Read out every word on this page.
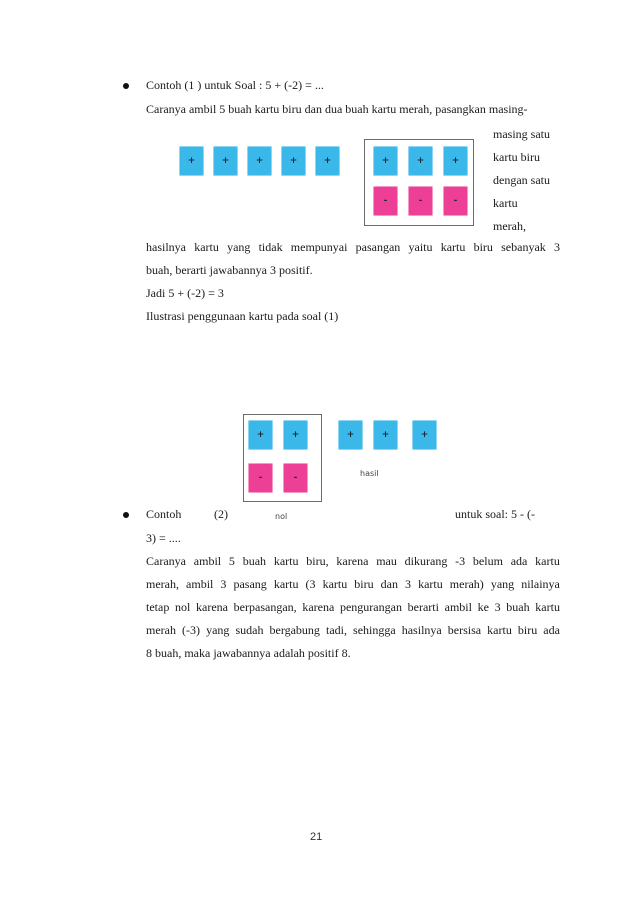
Contoh (1 ) untuk Soal : 5 + (-2) = ...
Caranya ambil 5 buah kartu biru dan dua buah kartu merah, pasangkan masing-
masing satu
kartu biru
dengan satu
kartu
merah,
+	+	+	+	+	+	+	+
-	-	-
hasilnya kartu yang tidak mempunyai pasangan yaitu kartu biru sebanyak 3
buah, berarti jawabannya 3 positif.
Jadi 5 + (-2) = 3
Ilustrasi penggunaan kartu pada soal (1)
+	+
-	-
+	+	+
hasil
nol
Contoh	(2)	untuk soal: 5 - (-
3) = ....
Caranya ambil 5 buah kartu biru, karena mau dikurang -3 belum ada kartu
merah, ambil 3 pasang kartu (3 kartu biru dan 3 kartu merah) yang nilainya
tetap nol karena berpasangan, karena pengurangan berarti ambil ke 3 buah kartu
merah (-3) yang sudah bergabung tadi, sehingga hasilnya bersisa kartu biru ada
8 buah, maka jawabannya adalah positif 8.
21
